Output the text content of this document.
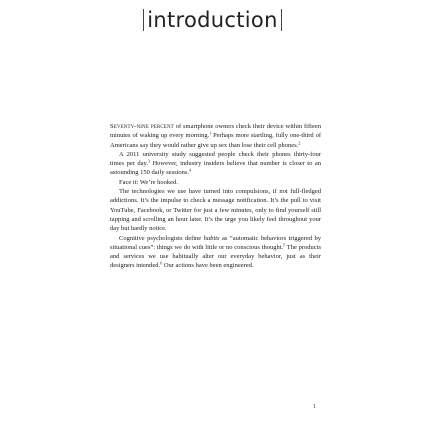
introduction

Seventy-nine percent of smartphone owners check their device within fifteen minutes of waking up every morning.$^1$ Perhaps more startling, fully one-third of Americans say they would rather give up sex than lose their cell phones.$^2$

A 2011 university study suggested people check their phones thirty-four times per day.$^3$ However, industry insiders believe that number is closer to an astounding 150 daily sessions.$^4$

Face it: We’re hooked.

The technologies we use have turned into compulsions, if not full-fledged addictions. It’s the impulse to check a message notification. It’s the pull to visit YouTube, Facebook, or Twitter for just a few minutes, only to find yourself still tapping and scrolling an hour later. It’s the urge you likely feel throughout your day but hardly notice.

Cognitive psychologists define habits as “automatic behaviors triggered by situational cues”: things we do with little or no conscious thought.$^5$ The products and services we use habitually alter our everyday behavior, just as their designers intended.$^6$ Our actions have been engineered.

1
